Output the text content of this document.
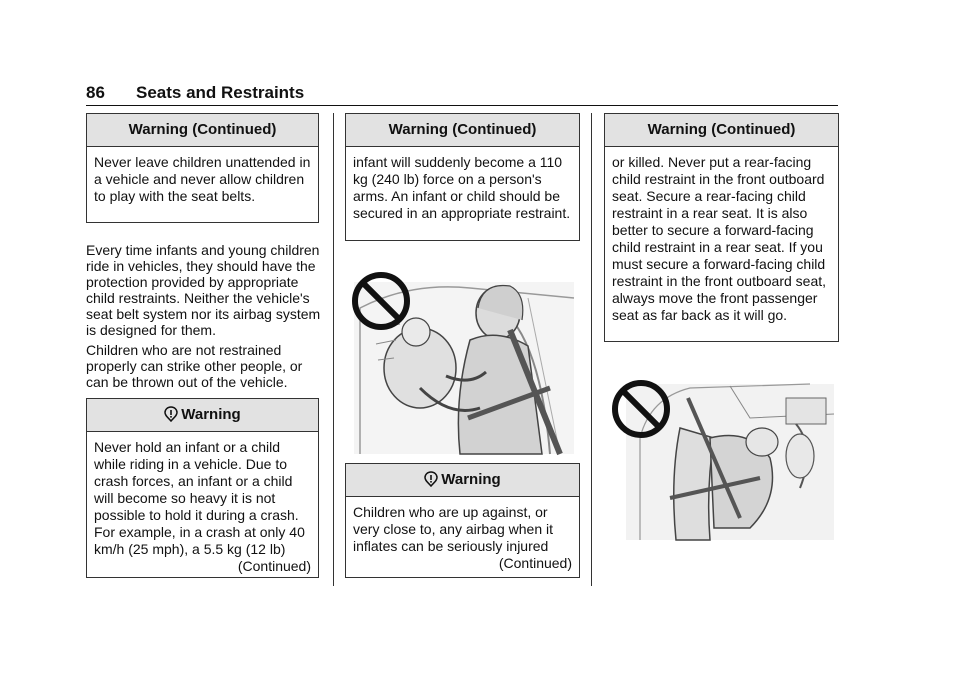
86 Seats and Restraints
Warning (Continued)

Never leave children unattended in a vehicle and never allow children to play with the seat belts.

Every time infants and young children ride in vehicles, they should have the protection provided by appropriate child restraints. Neither the vehicle's seat belt system nor its airbag system is designed for them.

Children who are not restrained properly can strike other people, or can be thrown out of the vehicle.

Warning

Never hold an infant or a child while riding in a vehicle. Due to crash forces, an infant or a child will become so heavy it is not possible to hold it during a crash. For example, in a crash at only 40 km/h (25 mph), a 5.5 kg (12 lb)

(Continued)

Warning (Continued)

infant will suddenly become a 110 kg (240 lb) force on a person's arms. An infant or child should be secured in an appropriate restraint.

Warning

Children who are up against, or very close to, any airbag when it inflates can be seriously injured

(Continued)

Warning (Continued)

or killed. Never put a rear-facing child restraint in the front outboard seat. Secure a rear-facing child restraint in a rear seat. It is also better to secure a forward-facing child restraint in a rear seat. If you must secure a forward-facing child restraint in the front outboard seat, always move the front passenger seat as far back as it will go.
